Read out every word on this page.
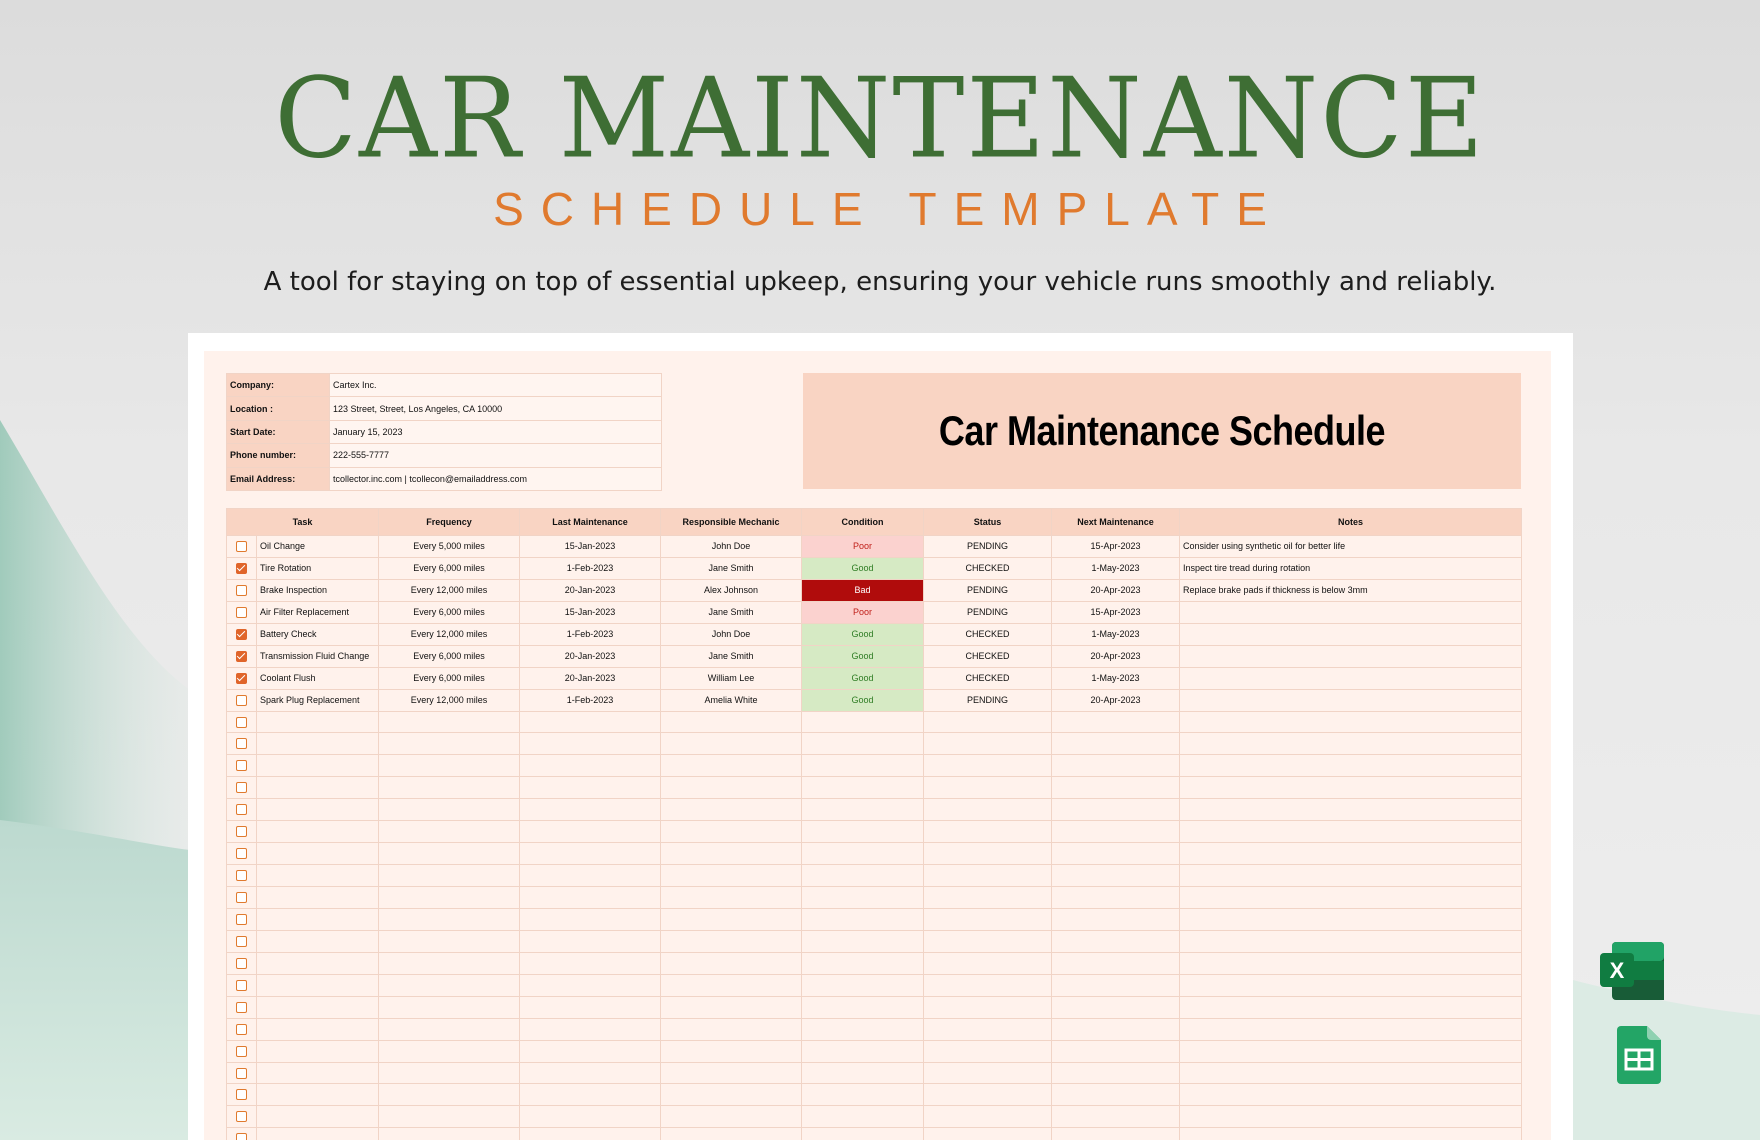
CAR MAINTENANCE
SCHEDULE TEMPLATE
A tool for staying on top of essential upkeep, ensuring your vehicle runs smoothly and reliably.
Company:	Cartex Inc.
Location :	123 Street, Street, Los Angeles, CA 10000
Start Date:	January 15, 2023
Phone number:	222-555-7777
Email Address:	tcollector.inc.com | tcollecon@emailaddress.com
Car Maintenance Schedule
Task		Frequency	Last Maintenance	Responsible Mechanic	Condition	Status	Next Maintenance	Notes
	Oil Change	Every 5,000 miles	15-Jan-2023	John Doe	Poor	PENDING	15-Apr-2023	Consider using synthetic oil for better life
	Tire Rotation	Every 6,000 miles	1-Feb-2023	Jane Smith	Good	CHECKED	1-May-2023	Inspect tire tread during rotation
	Brake Inspection	Every 12,000 miles	20-Jan-2023	Alex Johnson	Bad	PENDING	20-Apr-2023	Replace brake pads if thickness is below 3mm
	Air Filter Replacement	Every 6,000 miles	15-Jan-2023	Jane Smith	Poor	PENDING	15-Apr-2023	
	Battery Check	Every 12,000 miles	1-Feb-2023	John Doe	Good	CHECKED	1-May-2023	
	Transmission Fluid Change	Every 6,000 miles	20-Jan-2023	Jane Smith	Good	CHECKED	20-Apr-2023	
	Coolant Flush	Every 6,000 miles	20-Jan-2023	William Lee	Good	CHECKED	1-May-2023	
	Spark Plug Replacement	Every 12,000 miles	1-Feb-2023	Amelia White	Good	PENDING	20-Apr-2023	

X
